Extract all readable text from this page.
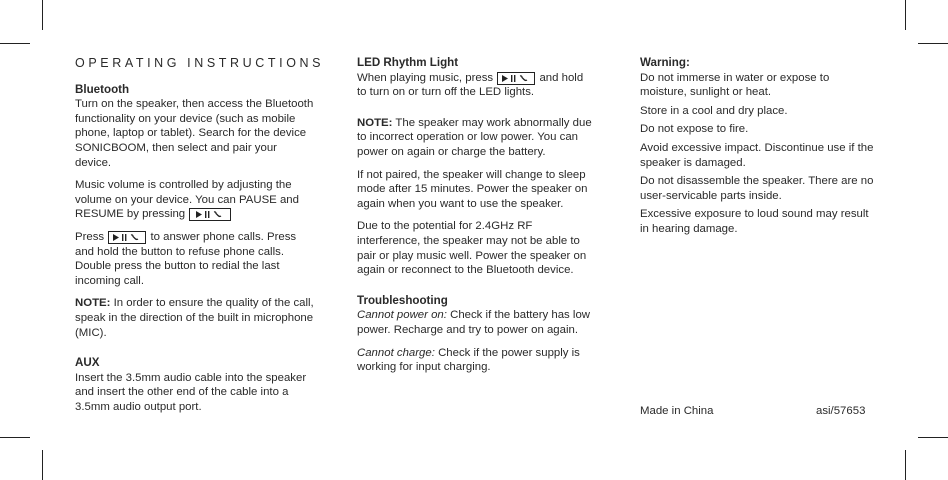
OPERATING INSTRUCTIONS

Bluetooth
Turn on the speaker, then access the Bluetooth functionality on your device (such as mobile phone, laptop or tablet). Search for the device SONICBOOM, then select and pair your device.

Music volume is controlled by adjusting the volume on your device. You can PAUSE and RESUME by pressing

Press	to answer phone calls. Press and hold the button to refuse phone calls. Double press the button to redial the last incoming call.

NOTE: In order to ensure the quality of the call, speak in the direction of the built in microphone (MIC).

AUX
Insert the 3.5mm audio cable into the speaker and insert the other end of the cable into a 3.5mm audio output port.

LED Rhythm Light
When playing music, press	and hold to turn on or turn off the LED lights.

NOTE: The speaker may work abnormally due to incorrect operation or low power. You can power on again or charge the battery.

If not paired, the speaker will change to sleep mode after 15 minutes. Power the speaker on again when you want to use the speaker.

Due to the potential for 2.4GHz RF interference, the speaker may not be able to pair or play music well. Power the speaker on again or reconnect to the Bluetooth device.

Troubleshooting
Cannot power on: Check if the battery has low power. Recharge and try to power on again.

Cannot charge: Check if the power supply is working for input charging.

Warning:
Do not immerse in water or expose to moisture, sunlight or heat.

Store in a cool and dry place.

Do not expose to fire.

Avoid excessive impact. Discontinue use if the speaker is damaged.

Do not disassemble the speaker. There are no user-servicable parts inside.

Excessive exposure to loud sound may result in hearing damage.

Made in China	asi/57653
